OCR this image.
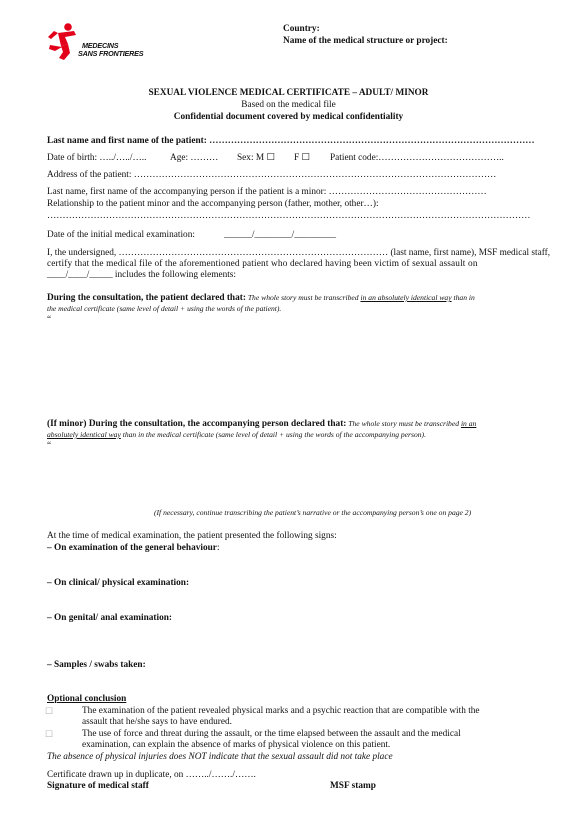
MEDECINS
SANS FRONTIERES
Country:
Name of the medical structure or project:
SEXUAL VIOLENCE MEDICAL CERTIFICATE – ADULT/ MINOR
Based on the medical file
Confidential document covered by medical confidentiality
Last name and first name of the patient: ……………………………………………………………………………………………
Date of birth: …../…../…..	Age: ……… Sex: M ☐ F ☐ Patient code:…………………………………..
Address of the patient: ………………………………………………………………………………………………………
Last name, first name of the accompanying person if the patient is a minor: ……………………………………………
Relationship to the patient minor and the accompanying person (father, mother, other…):
…………………………………………………………………………………………………………………………………………
Date of the initial medical examination:	______/________/_________
I, the undersigned, …………………………………………………………………………… (last name, first name), MSF medical staff,
certify that the medical file of the aforementioned patient who declared having been victim of sexual assault on
____/____/_____ includes the following elements:
During the consultation, the patient declared that: The whole story must be transcribed in an absolutely identical way than in
the medical certificate (same level of detail + using the words of the patient).
“
(If minor) During the consultation, the accompanying person declared that: The whole story must be transcribed in an
absolutely identical way than in the medical certificate (same level of detail + using the words of the accompanying person).
“
(If necessary, continue transcribing the patient’s narrative or the accompanying person’s one on page 2)
At the time of medical examination, the patient presented the following signs:
– On examination of the general behaviour:
– On clinical/ physical examination:
– On genital/ anal examination:
– Samples / swabs taken:
Optional conclusion
☐	The examination of the patient revealed physical marks and a psychic reaction that are compatible with the
assault that he/she says to have endured.
☐	The use of force and threat during the assault, or the time elapsed between the assault and the medical
examination, can explain the absence of marks of physical violence on this patient.
The absence of physical injuries does NOT indicate that the sexual assault did not take place
Certificate drawn up in duplicate, on ……../……./…….
Signature of medical staff	MSF stamp
